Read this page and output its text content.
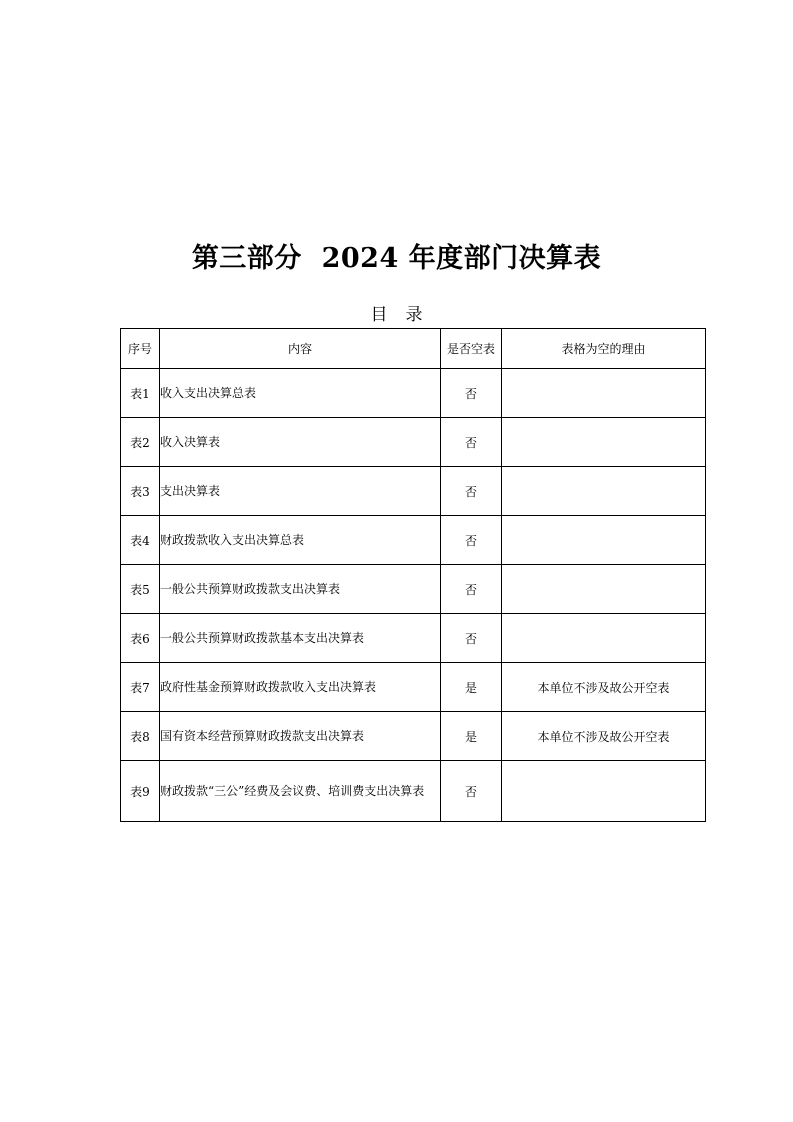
第三部分  2024 年度部门决算表
目录
序号	内容	是否空表	表格为空的理由
表1	收入支出决算总表	否	
表2	收入决算表	否	
表3	支出决算表	否	
表4	财政拨款收入支出决算总表	否	
表5	一般公共预算财政拨款支出决算表	否	
表6	一般公共预算财政拨款基本支出决算表	否	
表7	政府性基金预算财政拨款收入支出决算表	是	本单位不涉及故公开空表
表8	国有资本经营预算财政拨款支出决算表	是	本单位不涉及故公开空表
表9	财政拨款“三公”经费及会议费、培训费支出决算表	否	
